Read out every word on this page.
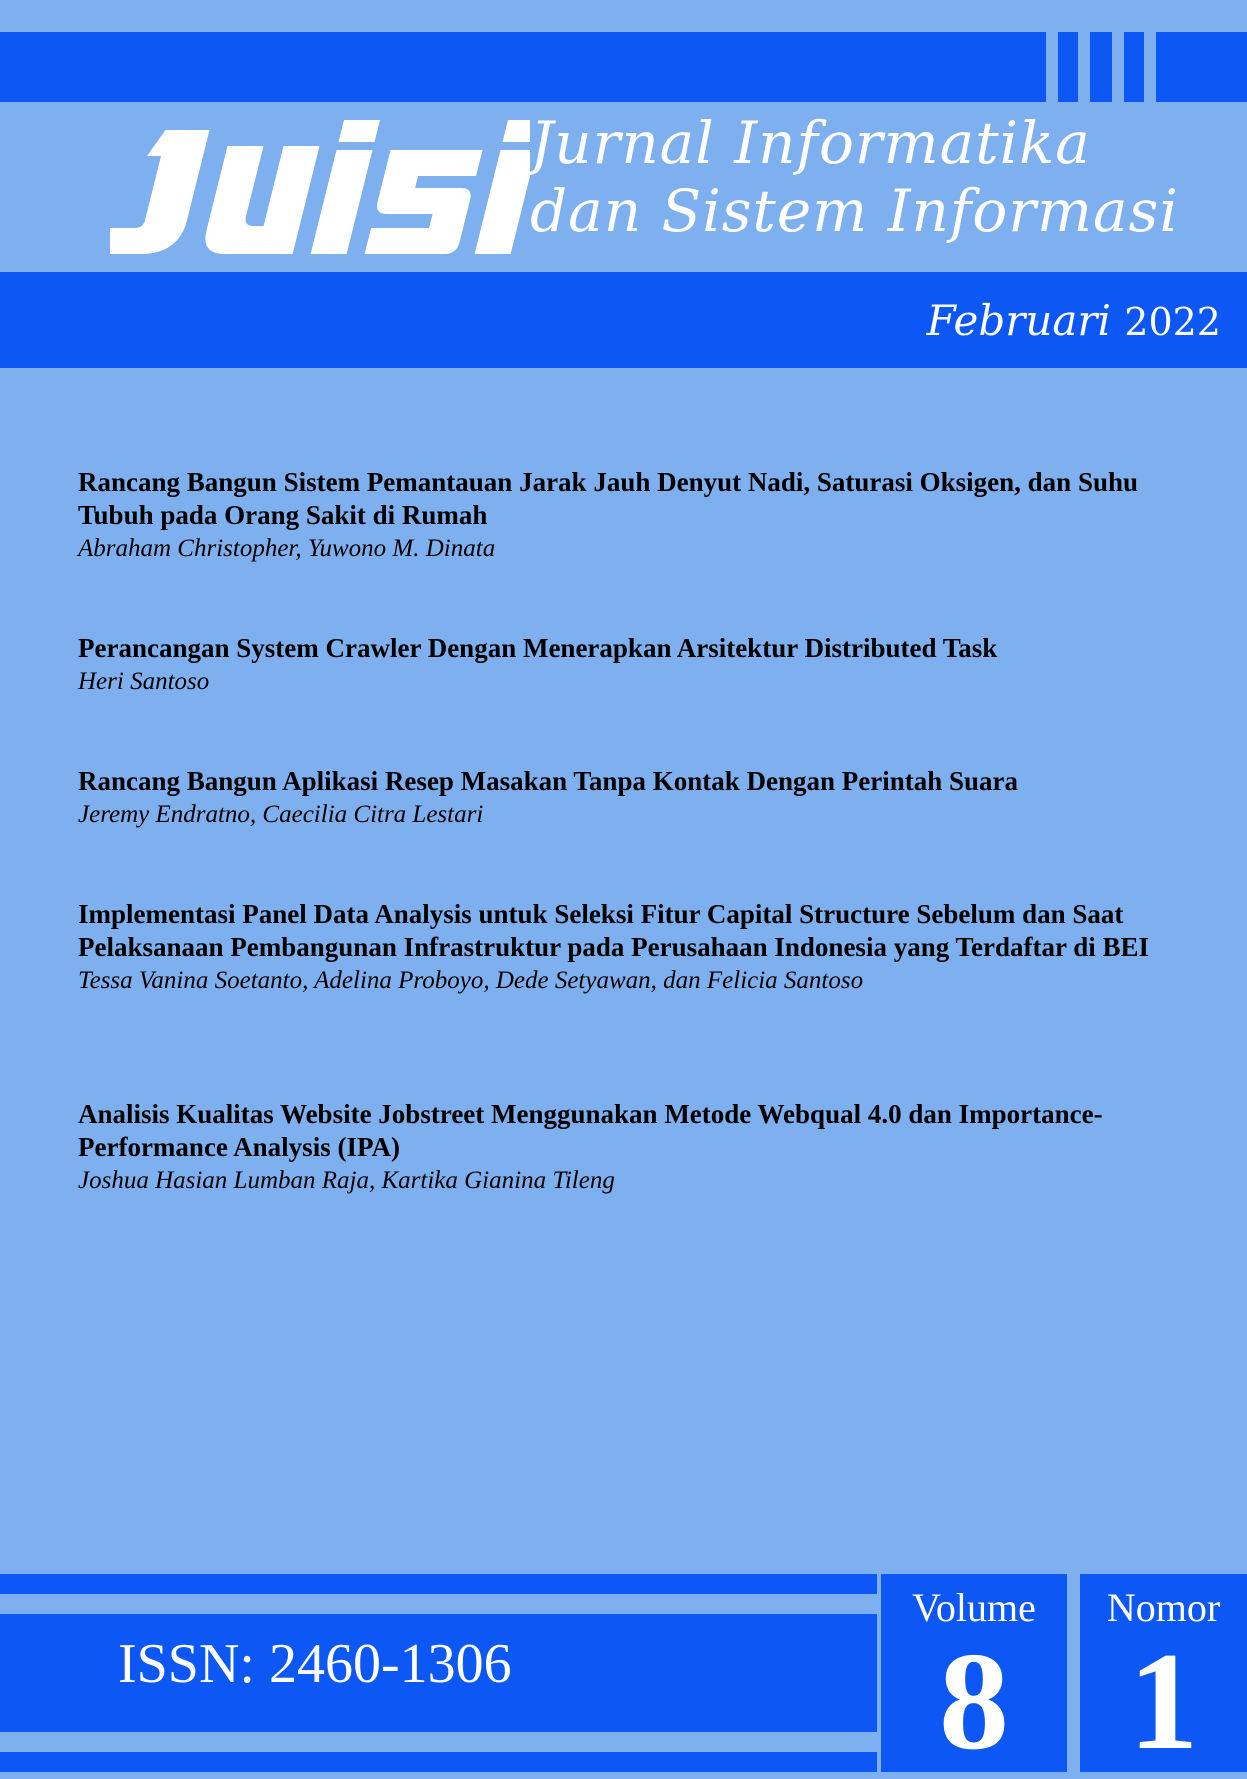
Jurnal Informatika
dan Sistem Informasi
Februari 2022
Rancang Bangun Sistem Pemantauan Jarak Jauh Denyut Nadi, Saturasi Oksigen, dan Suhu Tubuh pada Orang Sakit di Rumah
Abraham Christopher, Yuwono M. Dinata
Perancangan System Crawler Dengan Menerapkan Arsitektur Distributed Task
Heri Santoso
Rancang Bangun Aplikasi Resep Masakan Tanpa Kontak Dengan Perintah Suara
Jeremy Endratno, Caecilia Citra Lestari
Implementasi Panel Data Analysis untuk Seleksi Fitur Capital Structure Sebelum dan Saat Pelaksanaan Pembangunan Infrastruktur pada Perusahaan Indonesia yang Terdaftar di BEI
Tessa Vanina Soetanto, Adelina Proboyo, Dede Setyawan, dan Felicia Santoso
Analisis Kualitas Website Jobstreet Menggunakan Metode Webqual 4.0 dan Importance-Performance Analysis (IPA)
Joshua Hasian Lumban Raja, Kartika Gianina Tileng
ISSN: 2460-1306
Volume
8
Nomor
1
